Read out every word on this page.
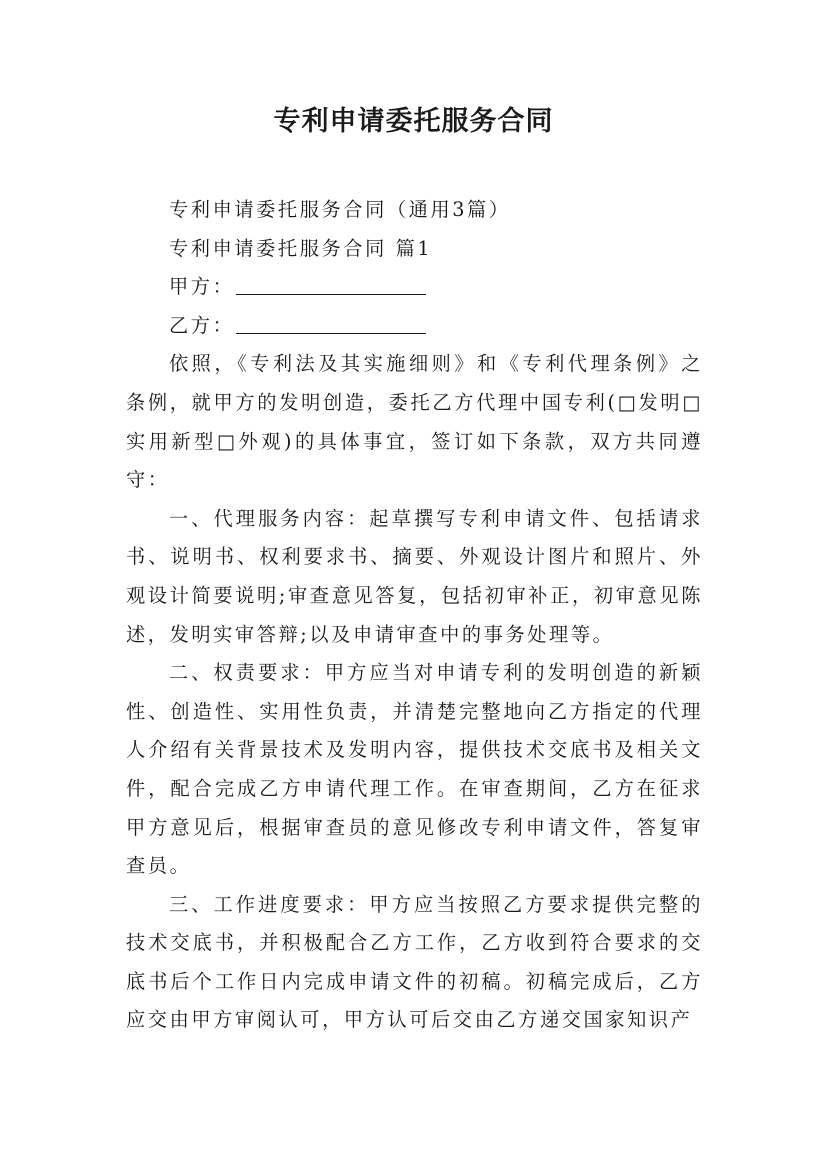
专利申请委托服务合同

专利申请委托服务合同（通用3篇）

专利申请委托服务合同 篇1

甲方：

乙方：

依照，《专利法及其实施细则》和《专利代理条例》之条例，就甲方的发明创造，委托乙方代理中国专利(□发明□实用新型□外观)的具体事宜，签订如下条款，双方共同遵守：

一、代理服务内容：起草撰写专利申请文件、包括请求书、说明书、权利要求书、摘要、外观设计图片和照片、外观设计简要说明;审查意见答复，包括初审补正，初审意见陈述，发明实审答辩;以及申请审查中的事务处理等。

二、权责要求：甲方应当对申请专利的发明创造的新颖性、创造性、实用性负责，并清楚完整地向乙方指定的代理人介绍有关背景技术及发明内容，提供技术交底书及相关文件，配合完成乙方申请代理工作。在审查期间，乙方在征求甲方意见后，根据审查员的意见修改专利申请文件，答复审查员。

三、工作进度要求：甲方应当按照乙方要求提供完整的技术交底书，并积极配合乙方工作，乙方收到符合要求的交底书后个工作日内完成申请文件的初稿。初稿完成后，乙方应交由甲方审阅认可，甲方认可后交由乙方递交国家知识产
